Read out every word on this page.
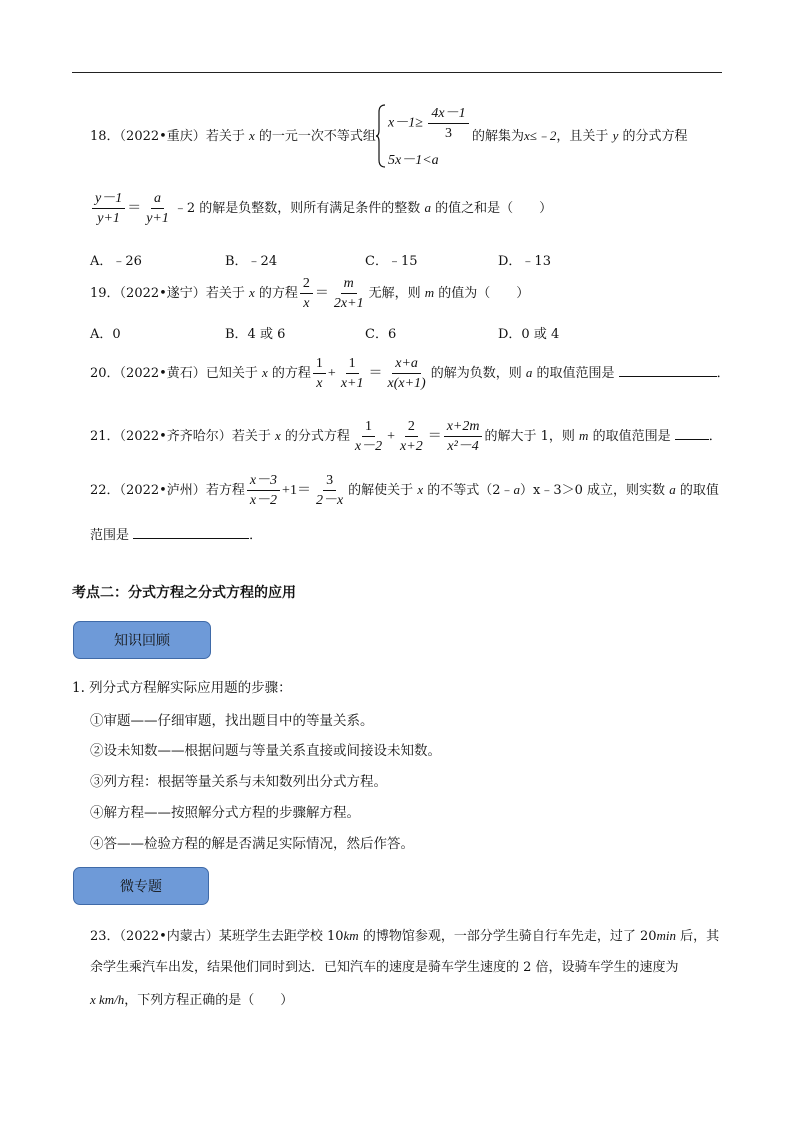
18．（2022•重庆）若关于 x 的一元一次不等式组
$x-1\ge \frac{4x-1}{3}$
5x－1<a
的解集为x≤﹣2，且关于 y 的分式方程
$\frac{y-1}{y+1} = \frac{a}{y+1}$ ﹣2 的解是负整数，则所有满足条件的整数 a 的值之和是（　　）
A．﹣26	B．﹣24	C．﹣15	D．﹣13
19．（2022•遂宁）若关于 x 的方程 $\frac{2}{x} = \frac{m}{2x+1}$ 无解，则 m 的值为（　　）
A．0	B．4 或 6	C．6	D．0 或 4
20．（2022•黄石）已知关于 x 的方程 $\frac{1}{x} + \frac{1}{x+1} = \frac{x+a}{x(x+1)}$ 的解为负数，则 a 的取值范围是	．
21．（2022•齐齐哈尔）若关于 x 的分式方程 $\frac{1}{x-2} + \frac{2}{x+2} = \frac{x+2m}{\text{x²－4}}$ 的解大于 1，则 m 的取值范围是	．
22．（2022•泸州）若方程 $\frac{x-3}{x-2} +1= \frac{3}{2-x}$ 的解使关于 x 的不等式（2﹣a）x﹣3＞0 成立，则实数 a 的取值
范围是	．
考点二：分式方程之分式方程的应用
知识回顾
1. 列分式方程解实际应用题的步骤：
①审题——仔细审题，找出题目中的等量关系。
②设未知数——根据问题与等量关系直接或间接设未知数。
③列方程：根据等量关系与未知数列出分式方程。
④解方程——按照解分式方程的步骤解方程。
④答——检验方程的解是否满足实际情况，然后作答。
微专题
23．（2022•内蒙古）某班学生去距学校 10km 的博物馆参观，一部分学生骑自行车先走，过了 20min 后，其
余学生乘汽车出发，结果他们同时到达．已知汽车的速度是骑车学生速度的 2 倍，设骑车学生的速度为
x km/h，下列方程正确的是（　　）
